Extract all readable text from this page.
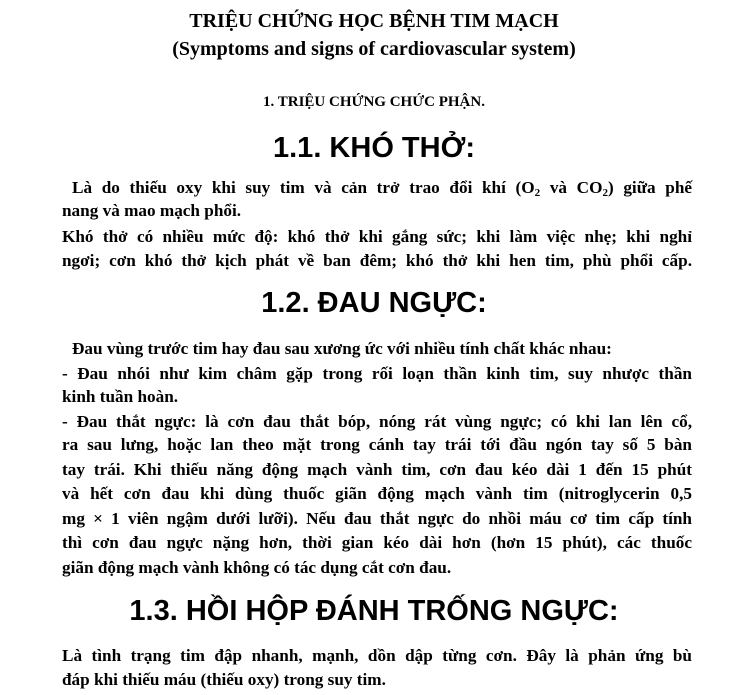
TRIỆU CHỨNG HỌC BỆNH TIM MẠCH
(Symptoms and signs of cardiovascular system)
1. TRIỆU CHỨNG CHỨC PHẬN.
1.1. KHÓ THỞ:
Là do thiếu oxy khi suy tim và cản trở trao đổi khí ($O_2$ và $CO_2$) giữa phế
nang và mao mạch phổi.
Khó thở có nhiều mức độ: khó thở khi gắng sức; khi làm việc nhẹ; khi nghỉ
ngơi; cơn khó thở kịch phát về ban đêm; khó thở khi hen tim, phù phổi cấp.
1.2. ĐAU NGỰC:
Đau vùng trước tim hay đau sau xương ức với nhiều tính chất khác nhau:
- Đau nhói như kim châm gặp trong rối loạn thần kinh tim, suy nhược thần
kinh tuần hoàn.
- Đau thắt ngực: là cơn đau thắt bóp, nóng rát vùng ngực; có khi lan lên cổ,
ra sau lưng, hoặc lan theo mặt trong cánh tay trái tới đầu ngón tay số 5 bàn
tay trái. Khi thiếu năng động mạch vành tim, cơn đau kéo dài 1 đến 15 phút
và hết cơn đau khi dùng thuốc giãn động mạch vành tim (nitroglycerin 0,5
mg × 1 viên ngậm dưới lưỡi). Nếu đau thắt ngực do nhồi máu cơ tim cấp tính
thì cơn đau ngực nặng hơn, thời gian kéo dài hơn (hơn 15 phút), các thuốc
giãn động mạch vành không có tác dụng cắt cơn đau.
1.3. HỒI HỘP ĐÁNH TRỐNG NGỰC:
Là tình trạng tim đập nhanh, mạnh, dồn dập từng cơn. Đây là phản ứng bù
đáp khi thiếu máu (thiếu oxy) trong suy tim.
